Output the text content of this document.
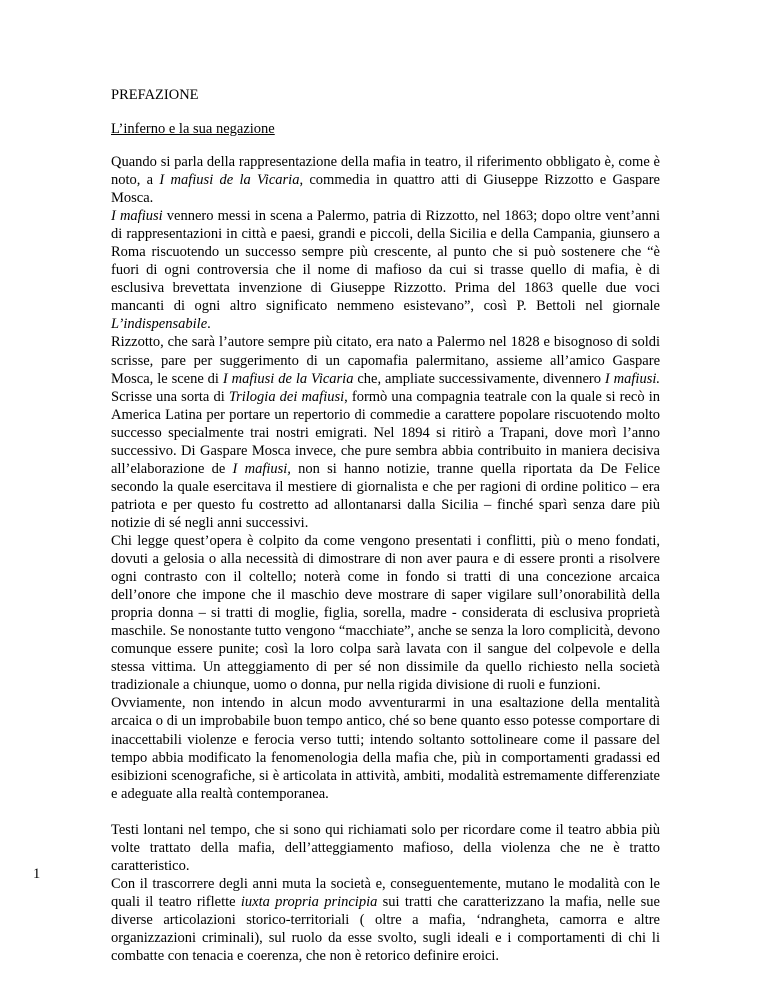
PREFAZIONE
L’inferno e la sua negazione

Quando si parla della rappresentazione della mafia in teatro, il riferimento obbligato è, come è noto, a I mafiusi de la Vicaria, commedia in quattro atti di Giuseppe Rizzotto e Gaspare Mosca.

I mafiusi vennero messi in scena a Palermo, patria di Rizzotto, nel 1863; dopo oltre vent’anni di rappresentazioni in città e paesi, grandi e piccoli, della Sicilia e della Campania, giunsero a Roma riscuotendo un successo sempre più crescente, al punto che si può sostenere che “è fuori di ogni controversia che il nome di mafioso da cui si trasse quello di mafia, è di esclusiva brevettata invenzione di Giuseppe Rizzotto. Prima del 1863 quelle due voci mancanti di ogni altro significato nemmeno esistevano”, così P. Bettoli nel giornale L’indispensabile.

Rizzotto, che sarà l’autore sempre più citato, era nato a Palermo nel 1828 e bisognoso di soldi scrisse, pare per suggerimento di un capomafia palermitano, assieme all’amico Gaspare Mosca, le scene di I mafiusi de la Vicaria che, ampliate successivamente, divennero I mafiusi. Scrisse una sorta di Trilogia dei mafiusi, formò una compagnia teatrale con la quale si recò in America Latina per portare un repertorio di commedie a carattere popolare riscuotendo molto successo specialmente trai nostri emigrati. Nel 1894 si ritirò a Trapani, dove morì l’anno successivo. Di Gaspare Mosca invece, che pure sembra abbia contribuito in maniera decisiva all’elaborazione de I mafiusi, non si hanno notizie, tranne quella riportata da De Felice secondo la quale esercitava il mestiere di giornalista e che per ragioni di ordine politico – era patriota e per questo fu costretto ad allontanarsi dalla Sicilia – finché sparì senza dare più notizie di sé negli anni successivi.

Chi legge quest’opera è colpito da come vengono presentati i conflitti, più o meno fondati, dovuti a gelosia o alla necessità di dimostrare di non aver paura e di essere pronti a risolvere ogni contrasto con il coltello; noterà come in fondo si tratti di una concezione arcaica dell’onore che impone che il maschio deve mostrare di saper vigilare sull’onorabilità della propria donna – si tratti di moglie, figlia, sorella, madre - considerata di esclusiva proprietà maschile. Se nonostante tutto vengono “macchiate”, anche se senza la loro complicità, devono comunque essere punite; così la loro colpa sarà lavata con il sangue del colpevole e della stessa vittima. Un atteggiamento di per sé non dissimile da quello richiesto nella società tradizionale a chiunque, uomo o donna, pur nella rigida divisione di ruoli e funzioni.

Ovviamente, non intendo in alcun modo avventurarmi in una esaltazione della mentalità arcaica o di un improbabile buon tempo antico, ché so bene quanto esso potesse comportare di inaccettabili violenze e ferocia verso tutti; intendo soltanto sottolineare come il passare del tempo abbia modificato la fenomenologia della mafia che, più in comportamenti gradassi ed esibizioni scenografiche, si è articolata in attività, ambiti, modalità estremamente differenziate e adeguate alla realtà contemporanea.

Testi lontani nel tempo, che si sono qui richiamati solo per ricordare come il teatro abbia più volte trattato della mafia, dell’atteggiamento mafioso, della violenza che ne è tratto caratteristico.

Con il trascorrere degli anni muta la società e, conseguentemente, mutano le modalità con le quali il teatro riflette iuxta propria principia sui tratti che caratterizzano la mafia, nelle sue diverse articolazioni storico-territoriali ( oltre a mafia, ‘ndrangheta, camorra e altre organizzazioni criminali), sul ruolo da esse svolto, sugli ideali e i comportamenti di chi li combatte con tenacia e coerenza, che non è retorico definire eroici.

1
